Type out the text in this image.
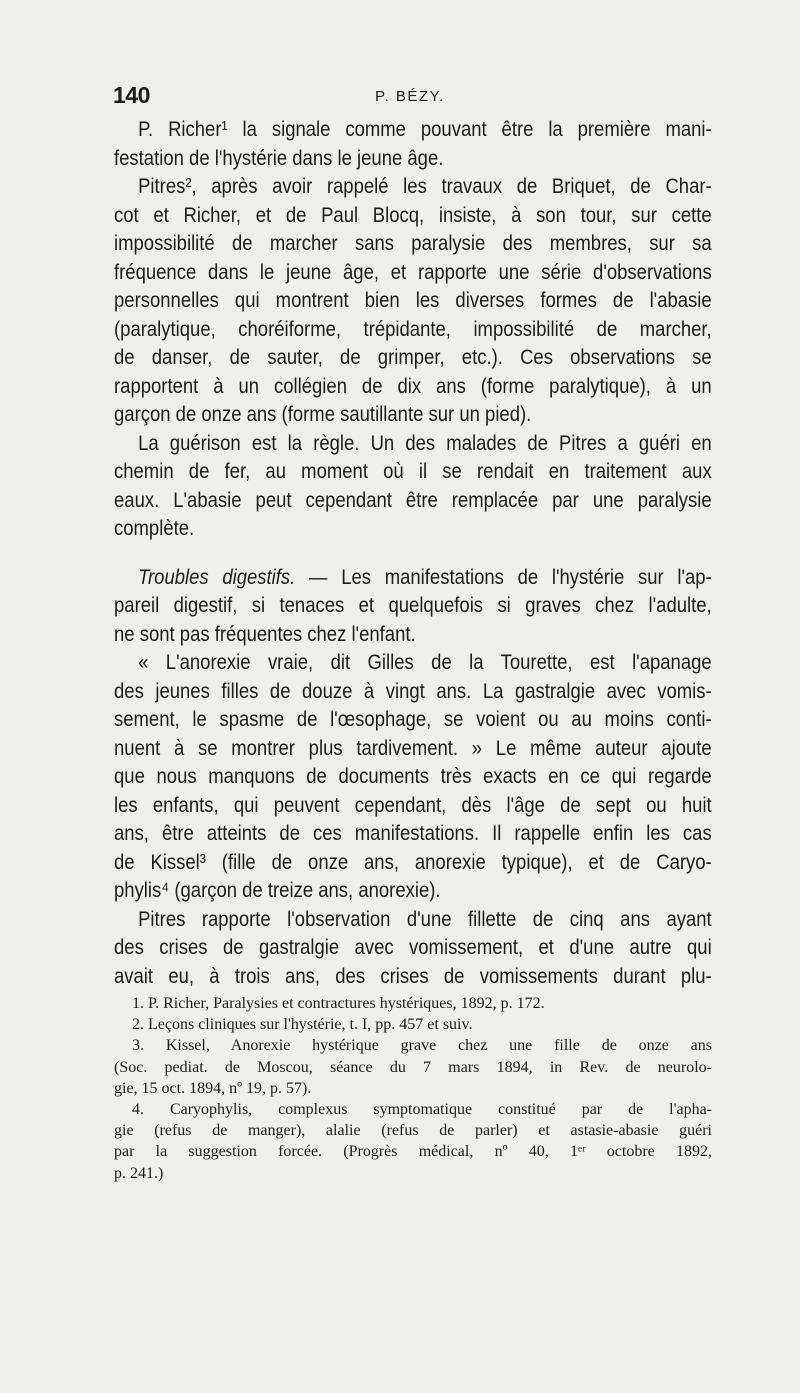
140	P. BÉZY.
P. Richer¹ la signale comme pouvant être la première mani-
festation de l'hystérie dans le jeune âge.
Pitres², après avoir rappelé les travaux de Briquet, de Char-
cot et Richer, et de Paul Blocq, insiste, à son tour, sur cette
impossibilité de marcher sans paralysie des membres, sur sa
fréquence dans le jeune âge, et rapporte une série d'observations
personnelles qui montrent bien les diverses formes de l'abasie
(paralytique, choréiforme, trépidante, impossibilité de marcher,
de danser, de sauter, de grimper, etc.). Ces observations se
rapportent à un collégien de dix ans (forme paralytique), à un
garçon de onze ans (forme sautillante sur un pied).
La guérison est la règle. Un des malades de Pitres a guéri en
chemin de fer, au moment où il se rendait en traitement aux
eaux. L'abasie peut cependant être remplacée par une paralysie
complète.
Troubles digestifs. — Les manifestations de l'hystérie sur l'ap-
pareil digestif, si tenaces et quelquefois si graves chez l'adulte,
ne sont pas fréquentes chez l'enfant.
« L'anorexie vraie, dit Gilles de la Tourette, est l'apanage
des jeunes filles de douze à vingt ans. La gastralgie avec vomis-
sement, le spasme de l'œsophage, se voient ou au moins conti-
nuent à se montrer plus tardivement. » Le même auteur ajoute
que nous manquons de documents très exacts en ce qui regarde
les enfants, qui peuvent cependant, dès l'âge de sept ou huit
ans, être atteints de ces manifestations. Il rappelle enfin les cas
de Kissel³ (fille de onze ans, anorexie typique), et de Caryo-
phylis⁴ (garçon de treize ans, anorexie).
Pitres rapporte l'observation d'une fillette de cinq ans ayant
des crises de gastralgie avec vomissement, et d'une autre qui
avait eu, à trois ans, des crises de vomissements durant plu-
1. P. Richer, Paralysies et contractures hystériques, 1892, p. 172.
2. Leçons cliniques sur l'hystérie, t. I, pp. 457 et suiv.
3. Kissel, Anorexie hystérique grave chez une fille de onze ans
(Soc. pediat. de Moscou, séance du 7 mars 1894, in Rev. de neurolo-
gie, 15 oct. 1894, nº 19, p. 57).
4. Caryophylis, complexus symptomatique constitué par de l'apha-
gie (refus de manger), alalie (refus de parler) et astasie-abasie guéri
par la suggestion forcée. (Progrès médical, nº 40, 1ᵉʳ octobre 1892,
p. 241.)
